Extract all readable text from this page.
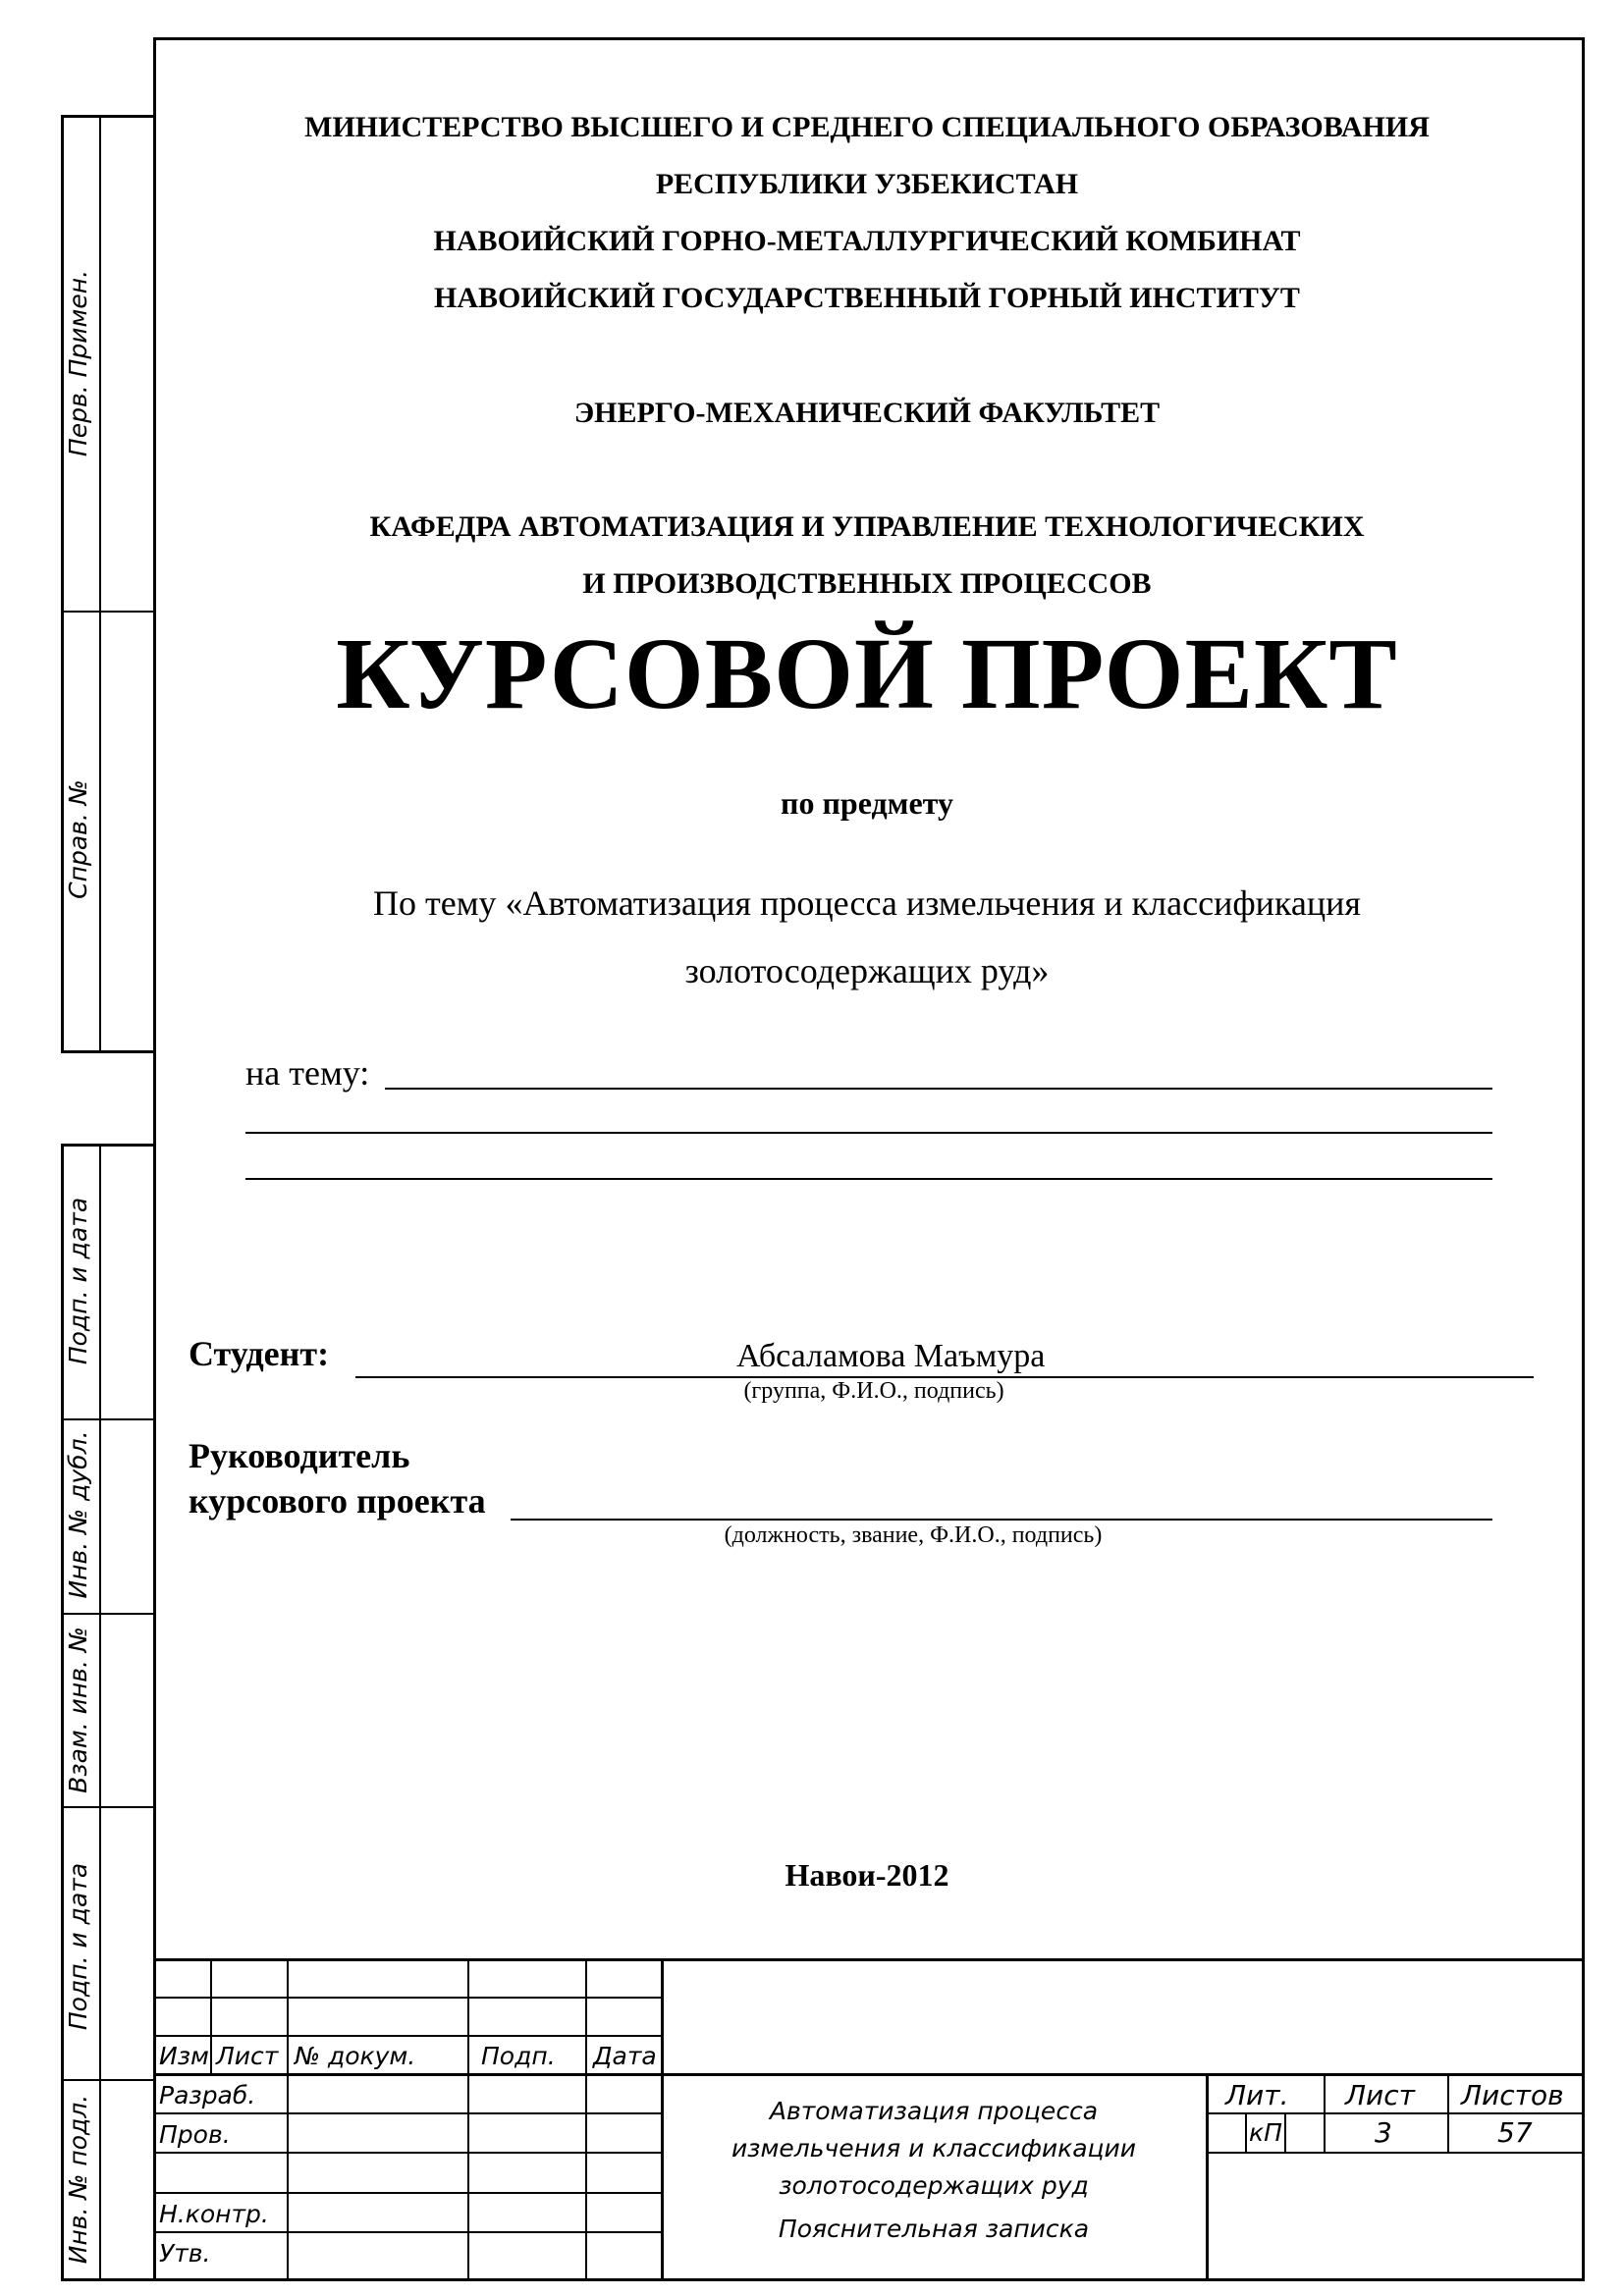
Перв. Примен.
Справ. №
Подп. и дата
Инв. № дубл.
Взам. инв. №
Подп. и дата
Инв. № подл.
МИНИСТЕРСТВО ВЫСШЕГО И СРЕДНЕГО СПЕЦИАЛЬНОГО ОБРАЗОВАНИЯ
РЕСПУБЛИКИ УЗБЕКИСТАН
НАВОИЙСКИЙ ГОРНО-МЕТАЛЛУРГИЧЕСКИЙ КОМБИНАТ
НАВОИЙСКИЙ ГОСУДАРСТВЕННЫЙ ГОРНЫЙ ИНСТИТУТ
ЭНЕРГО-МЕХАНИЧЕСКИЙ ФАКУЛЬТЕТ
КАФЕДРА АВТОМАТИЗАЦИЯ И УПРАВЛЕНИЕ ТЕХНОЛОГИЧЕСКИХ
И ПРОИЗВОДСТВЕННЫХ ПРОЦЕССОВ
КУРСОВОЙ ПРОЕКТ
по предмету
По тему «Автоматизация процесса измельчения и классификация
золотосодержащих руд»
на тему:
Студент:	Абсаламова Маъмура
(группа, Ф.И.О., подпись)
Руководитель
курсового проекта
(должность, звание, Ф.И.О., подпись)
Навои-2012
Изм Лист № докум.	Подп. Дата
Разраб.
Пров.
Н.контр.
Утв.
Автоматизация процесса
измельчения и классификации
золотосодержащих руд
Пояснительная записка
Лит. Лист Листов
кП	3	57
